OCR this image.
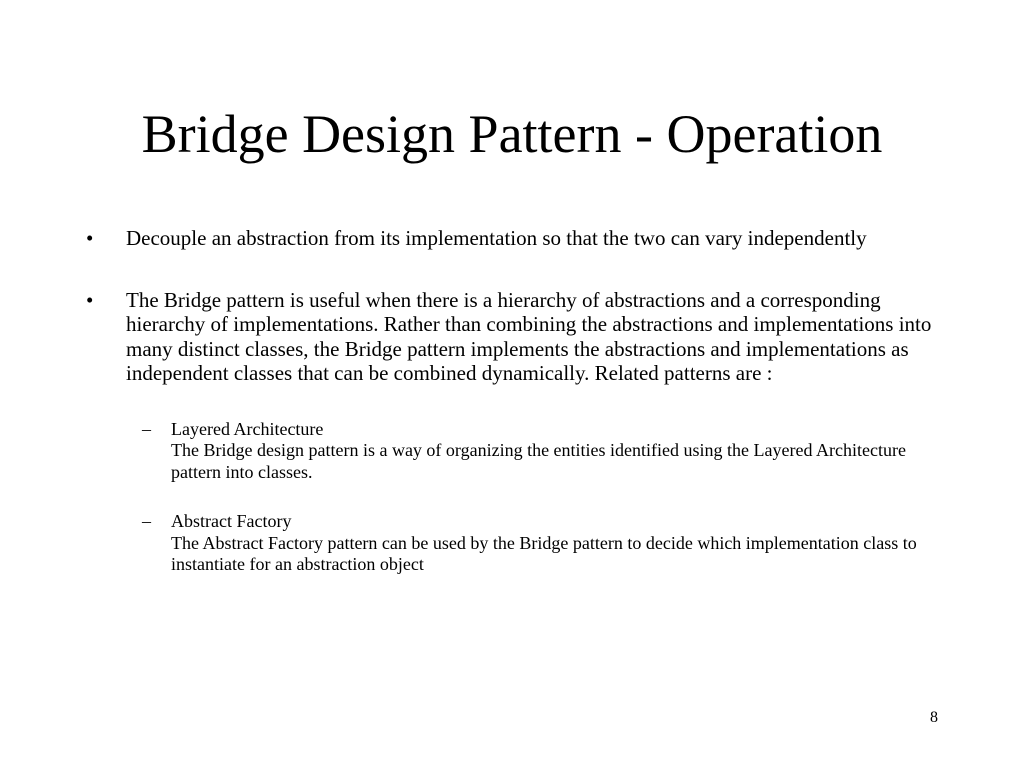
Bridge Design Pattern - Operation
• Decouple an abstraction from its implementation so that the two can vary independently
• The Bridge pattern is useful when there is a hierarchy of abstractions and a corresponding hierarchy of implementations. Rather than combining the abstractions and implementations into many distinct classes, the Bridge pattern implements the abstractions and implementations as independent classes that can be combined dynamically. Related patterns are :
– Layered Architecture
The Bridge design pattern is a way of organizing the entities identified using the Layered Architecture pattern into classes.
– Abstract Factory
The Abstract Factory pattern can be used by the Bridge pattern to decide which implementation class to instantiate for an abstraction object
8
